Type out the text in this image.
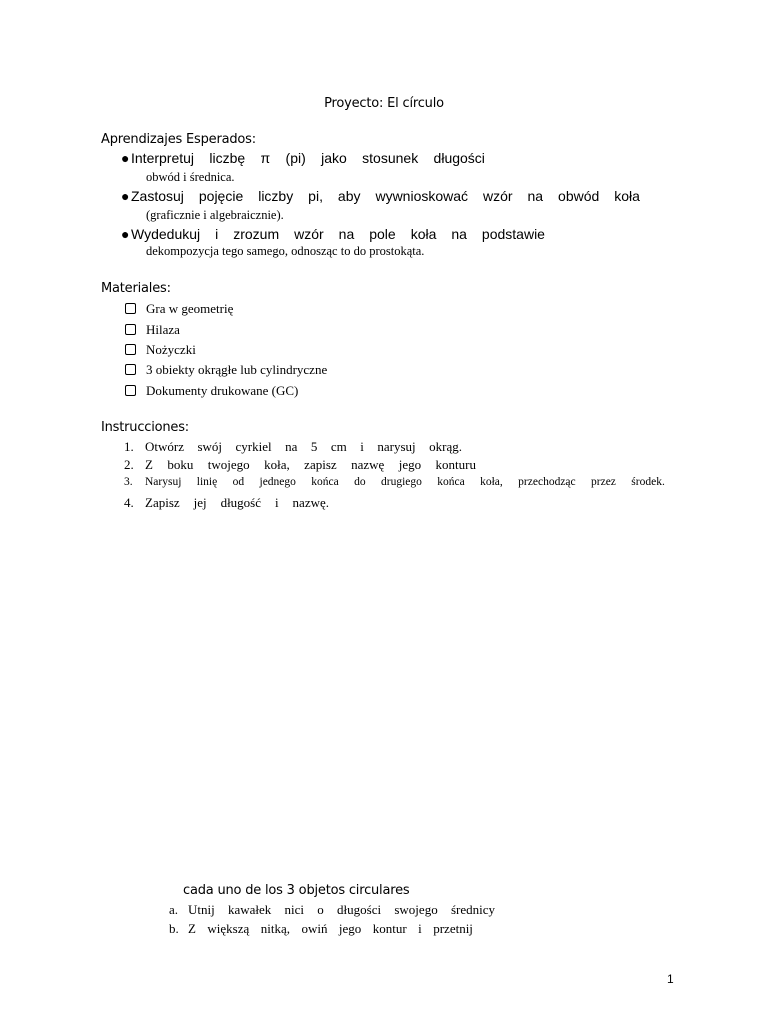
Proyecto: El círculo
Aprendizajes Esperados:
● Interpretuj liczbę π (pi) jako stosunek długości
obwód i średnica.
● Zastosuj pojęcie liczby pi, aby wywnioskować wzór na obwód koła
(graficznie i algebraicznie).
● Wydedukuj i zrozum wzór na pole koła na podstawie
dekompozycja tego samego, odnosząc to do prostokąta.
Materiales:
Gra w geometrię
Hilaza
Nożyczki
3 obiekty okrągłe lub cylindryczne
Dokumenty drukowane (GC)
Instrucciones:
1. Otwórz swój cyrkiel na 5 cm i narysuj okrąg.
2. Z boku twojego koła, zapisz nazwę jego konturu
3. Narysuj linię od jednego końca do drugiego końca koła, przechodząc przez środek.
4. Zapisz jej długość i nazwę.
cada uno de los 3 objetos circulares
a. Utnij kawałek nici o długości swojego średnicy
b. Z większą nitką, owiń jego kontur i przetnij
1
